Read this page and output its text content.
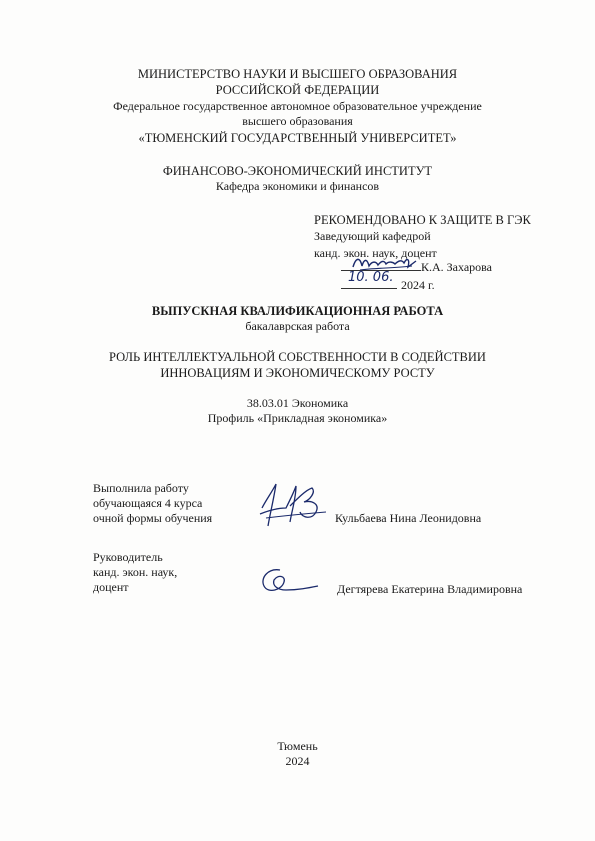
МИНИСТЕРСТВО НАУКИ И ВЫСШЕГО ОБРАЗОВАНИЯ
РОССИЙСКОЙ ФЕДЕРАЦИИ
Федеральное государственное автономное образовательное учреждение
высшего образования
«ТЮМЕНСКИЙ ГОСУДАРСТВЕННЫЙ УНИВЕРСИТЕТ»
ФИНАНСОВО-ЭКОНОМИЧЕСКИЙ ИНСТИТУТ
Кафедра экономики и финансов
РЕКОМЕНДОВАНО К ЗАЩИТЕ В ГЭК
Заведующий кафедрой
канд. экон. наук, доцент
К.А. Захарова
2024 г.
10. 06.
ВЫПУСКНАЯ КВАЛИФИКАЦИОННАЯ РАБОТА
бакалаврская работа
РОЛЬ ИНТЕЛЛЕКТУАЛЬНОЙ СОБСТВЕННОСТИ В СОДЕЙСТВИИ
ИННОВАЦИЯМ И ЭКОНОМИЧЕСКОМУ РОСТУ
38.03.01 Экономика
Профиль «Прикладная экономика»
Выполнила работу
обучающаяся 4 курса
очной формы обучения	Кульбаева Нина Леонидовна
Руководитель
канд. экон. наук,
доцент	Дегтярева Екатерина Владимировна
Тюмень
2024
